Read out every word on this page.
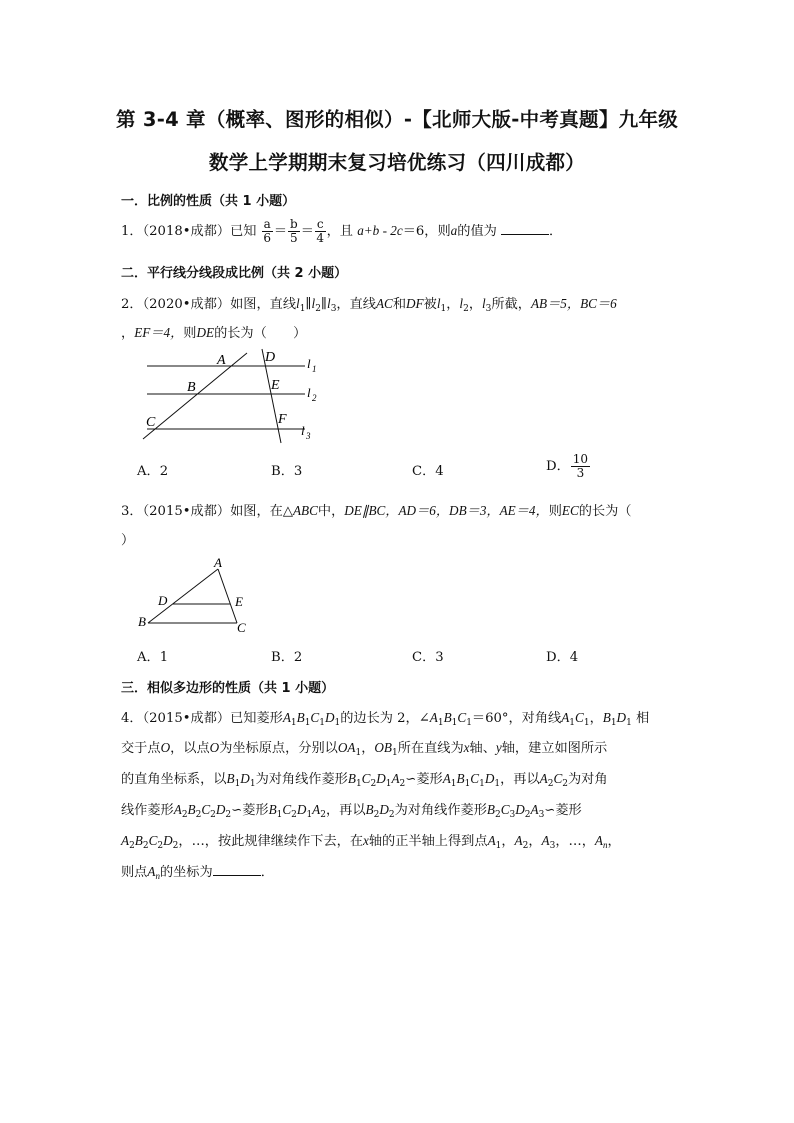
第 3-4 章（概率、图形的相似）-【北师大版-中考真题】九年级
数学上学期期末复习培优练习（四川成都）
一．比例的性质（共 1 小题）
1．（2018•成都）已知 $\frac{a}{6} = \frac{b}{5} = \frac{c}{4}$ ，且 a+b - 2c＝6，则a的值为	．
二．平行线分线段成比例（共 2 小题）
2．（2020•成都）如图，直线$l_1\parallel l_2\parallel l_3$，直线AC和DF被$l_1$，$l_2$，$l_3$所截，AB＝5，BC＝6
，EF＝4，则DE的长为（　　）
A	D
B	E
C	F
l 1
l 2
l 3
A．2	B．3	C．4	D． $\frac{10}{3}$
3．（2015•成都）如图，在△ABC中，DE∥BC，AD＝6，DB＝3，AE＝4，则EC的长为（
）
A
D	E
B	C
A．1	B．2	C．3	D．4
三．相似多边形的性质（共 1 小题）
4．（2015•成都）已知菱形$A_1B_1C_1D_1$的边长为 2，$\angle A_1B_1C_1=60^\circ$，对角线$A_1C_1$，$B_1D_1$ 相
交于点O，以点O为坐标原点，分别以$OA_1$，$OB_1$所在直线为x轴、y轴，建立如图所示
的直角坐标系，以$B_1D_1$为对角线作菱形$B_1C_2D_1A_2∽$菱形$A_1B_1C_1D_1$，再以$A_2C_2$为对角
线作菱形$A_2B_2C_2D_2∽$菱形$B_1C_2D_1A_2$，再以$B_2D_2$为对角线作菱形$B_2C_3D_2A_3∽$菱形
$A_2B_2C_2D_2$，…，按此规律继续作下去，在x轴的正半轴上得到点$A_1$，$A_2$，$A_3$，…，$A_n$，
则点$A_n$的坐标为	．
